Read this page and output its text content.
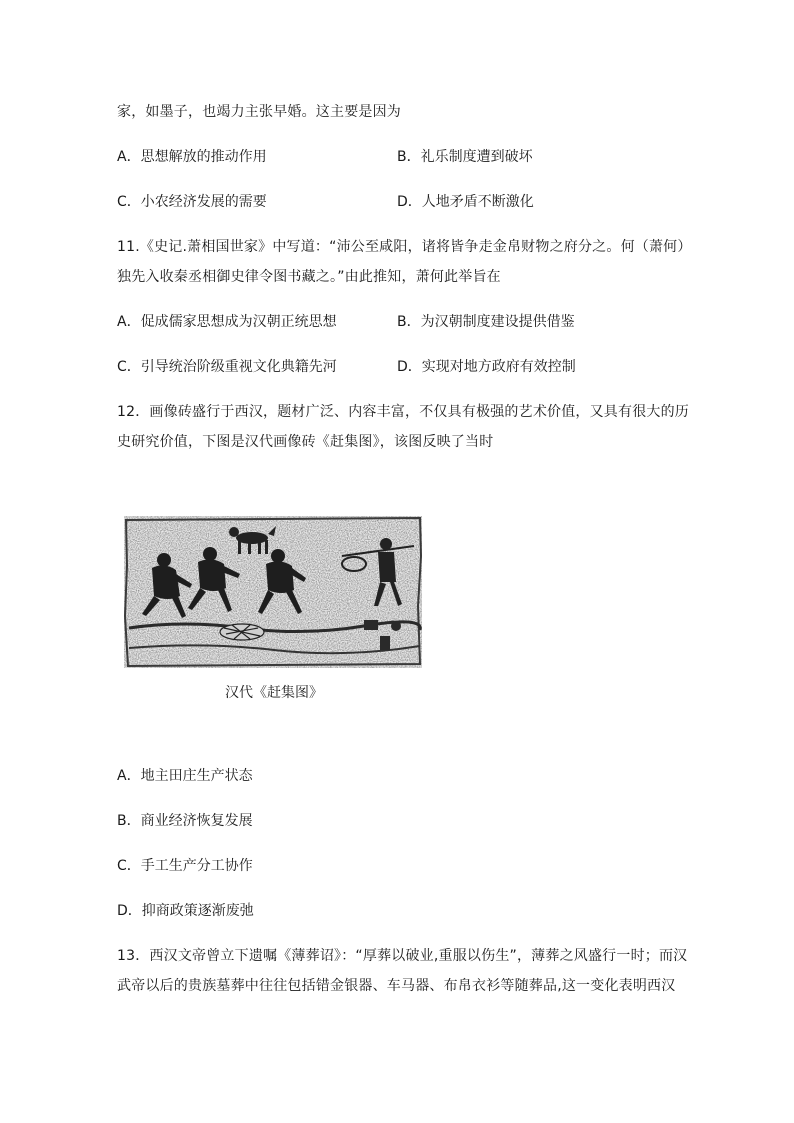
家，如墨子，也竭力主张早婚。这主要是因为
A．思想解放的推动作用	B．礼乐制度遭到破坏
C．小农经济发展的需要	D．人地矛盾不断激化
11.《史记.萧相国世家》中写道：“沛公至咸阳，诸将皆争走金帛财物之府分之。何（萧何）
独先入收秦丞相御史律令图书藏之。”由此推知，萧何此举旨在
A．促成儒家思想成为汉朝正统思想	B．为汉朝制度建设提供借鉴
C．引导统治阶级重视文化典籍先河	D．实现对地方政府有效控制
12．画像砖盛行于西汉，题材广泛、内容丰富，不仅具有极强的艺术价值，又具有很大的历
史研究价值，下图是汉代画像砖《赶集图》，该图反映了当时
汉代《赶集图》
A．地主田庄生产状态
B．商业经济恢复发展
C．手工生产分工协作
D．抑商政策逐渐废弛
13．西汉文帝曾立下遗嘱《薄葬诏》：“厚葬以破业,重服以伤生”，薄葬之风盛行一时；而汉
武帝以后的贵族墓葬中往往包括错金银器、车马器、布帛衣衫等随葬品,这一变化表明西汉
